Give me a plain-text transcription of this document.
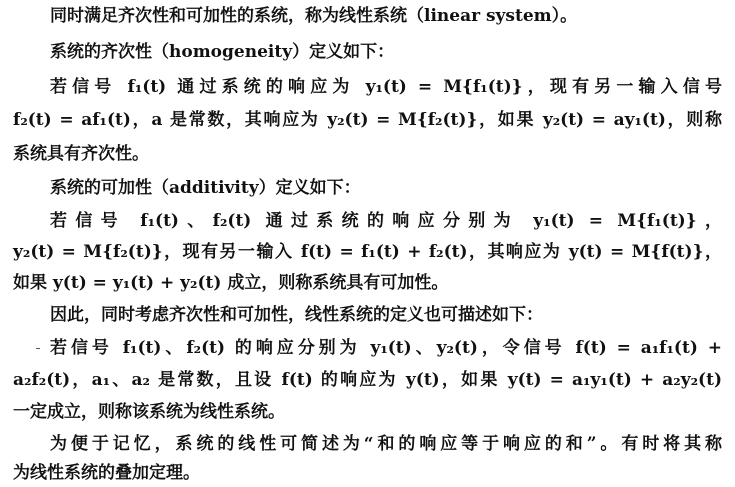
同时满足齐次性和可加性的系统，称为线性系统（linear system）。
系统的齐次性（homogeneity）定义如下：
若信号 f₁(t) 通过系统的响应为 y₁(t) = M{f₁(t)}，现有另一输入信号
f₂(t) = af₁(t)，a 是常数，其响应为 y₂(t) = M{f₂(t)}，如果 y₂(t) = ay₁(t)，则称
系统具有齐次性。
系统的可加性（additivity）定义如下：
若信号 f₁(t)、f₂(t) 通过系统的响应分别为 y₁(t) = M{f₁(t)}，
y₂(t) = M{f₂(t)}，现有另一输入 f(t) = f₁(t) + f₂(t)，其响应为 y(t) = M{f(t)}，
如果 y(t) = y₁(t) + y₂(t) 成立，则称系统具有可加性。
因此，同时考虑齐次性和可加性，线性系统的定义也可描述如下：
若信号 f₁(t)、f₂(t) 的响应分别为 y₁(t)、y₂(t)，令信号 f(t) = a₁f₁(t) +
a₂f₂(t)，a₁、a₂ 是常数，且设 f(t) 的响应为 y(t)，如果 y(t) = a₁y₁(t) + a₂y₂(t)
一定成立，则称该系统为线性系统。
为便于记忆，系统的线性可简述为“和的响应等于响应的和”。有时将其称
为线性系统的叠加定理。
